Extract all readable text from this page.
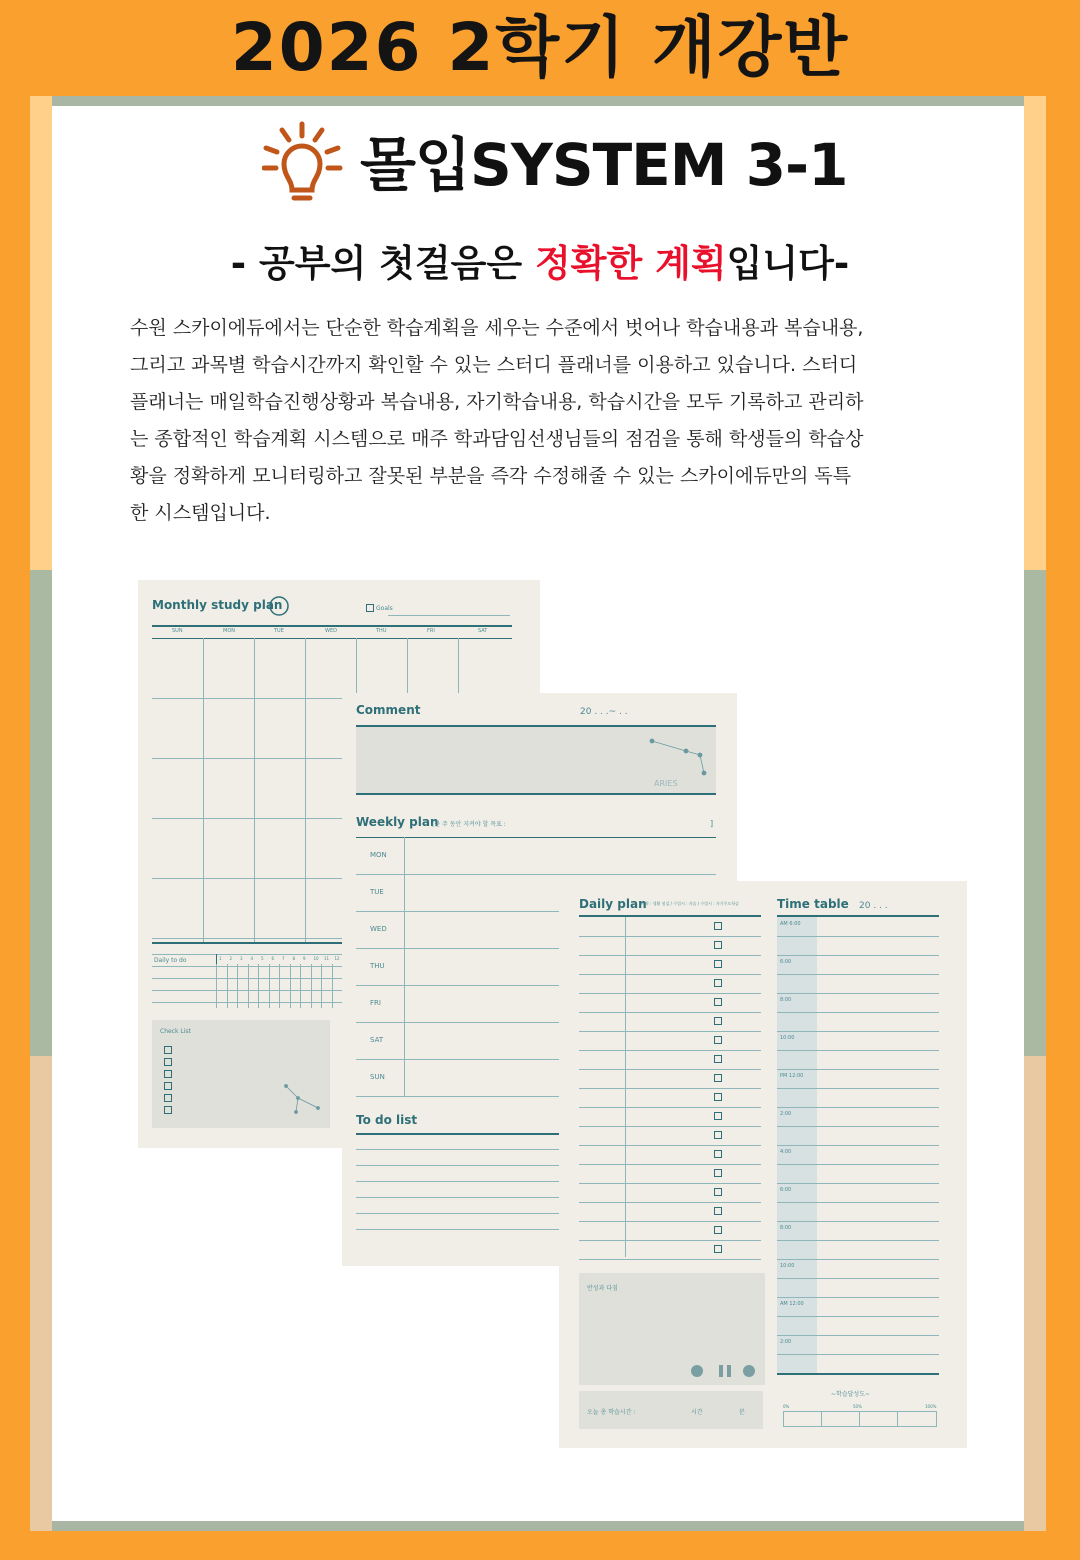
2026 2학기 개강반
몰입SYSTEM 3-1
- 공부의 첫걸음은 정확한 계획입니다-
수원 스카이에듀에서는 단순한 학습계획을 세우는 수준에서 벗어나 학습내용과 복습내용,
그리고 과목별 학습시간까지 확인할 수 있는 스터디 플래너를 이용하고 있습니다. 스터디
플래너는 매일학습진행상황과 복습내용, 자기학습내용, 학습시간을 모두 기록하고 관리하
는 종합적인 학습계획 시스템으로 매주 학과담임선생님들의 점검을 통해 학생들의 학습상
황을 정확하게 모니터링하고 잘못된 부분을 즉각 수정해줄 수 있는 스카이에듀만의 독특
한 시스템입니다.
Monthly study plan	Goals
SUN	MON	TUE	WED	THU	FRI	SAT
Daily to do	1 2 3 4 5 6 7 8 9 10 11 12
Check List
Comment	20 . . .~ . .
ARIES
Weekly plan
[한 주 동안 지켜야 할 목표 :	]
MON
TUE
WED
THU
FRI
SAT
SUN
To do list
Daily plan
계획 : 생활 점검 / 수업시 : 자습 / 수업시 : 자기주도학습
반성과 다짐
오늘 총 학습시간 :	시간	분
Time table 20 . . .
AM 6:00
6:00
8:00
10:00
PM 12:00
2:00
4:00
6:00
8:00
10:00
AM 12:00
2:00
~학습달성도~
0%	50%	100%
